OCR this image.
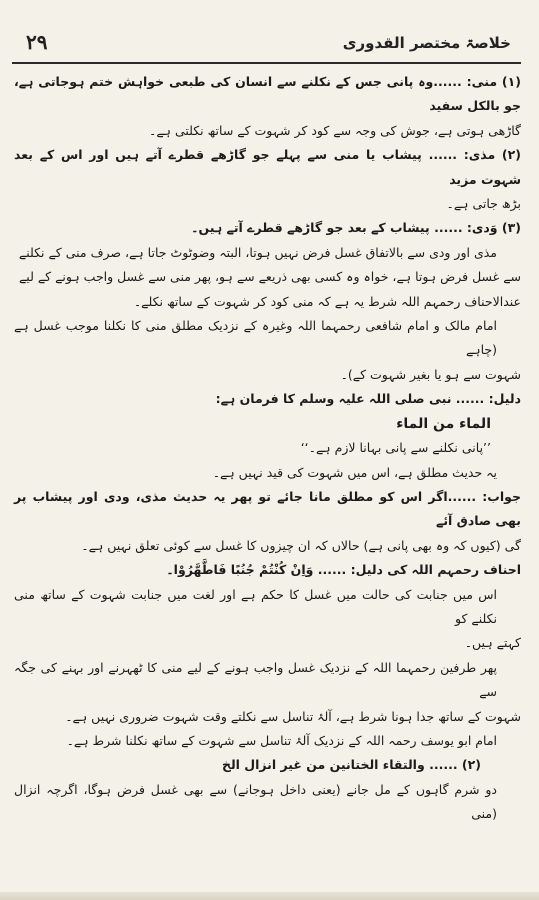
خلاصۃ مختصر القدوری
۲۹

(۱) منی: ......وہ پانی جس کے نکلنے سے انسان کی طبعی خواہش ختم ہوجاتی ہے، جو بالکل سفید

گاڑھی ہوتی ہے، جوش کی وجہ سے کود کر شہوت کے ساتھ نکلتی ہے۔

(۲) مذی: ...... پیشاب یا منی سے پہلے جو گاڑھے قطرے آتے ہیں اور اس کے بعد شہوت مزید

بڑھ جاتی ہے۔

(۳) وَدی: ...... پیشاب کے بعد جو گاڑھے قطرے آتے ہیں۔

مذی اور ودی سے بالاتفاق غسل فرض نہیں ہوتا، البتہ وضوٹوٹ جاتا ہے، صرف منی کے نکلنے

سے غسل فرض ہوتا ہے، خواہ وہ کسی بھی ذریعے سے ہو، پھر منی سے غسل واجب ہونے کے لیے

عندالاحناف رحمہم اللہ شرط یہ ہے کہ منی کود کر شہوت کے ساتھ نکلے۔

امام مالک و امام شافعی رحمہما اللہ وغیرہ کے نزدیک مطلق منی کا نکلنا موجب غسل ہے (چاہے

شہوت سے ہو یا بغیر شہوت کے)۔

دلیل: ...... نبی صلی اللہ علیہ وسلم کا فرمان ہے:

الماء من الماء

’’پانی نکلنے سے پانی بہانا لازم ہے۔‘‘

یہ حدیث مطلق ہے، اس میں شہوت کی قید نہیں ہے۔

جواب: ......اگر اس کو مطلق مانا جائے تو پھر یہ حدیث مذی، ودی اور پیشاب پر بھی صادق آئے

گی (کیوں کہ وہ بھی پانی ہے) حالاں کہ ان چیزوں کا غسل سے کوئی تعلق نہیں ہے۔

احناف رحمہم اللہ کی دلیل: ...... وَاِنْ کُنْتُمْ جُنُبًا فَاطَّهَّرُوْا۔

اس میں جنابت کی حالت میں غسل کا حکم ہے اور لغت میں جنابت شہوت کے ساتھ منی نکلنے کو

کہتے ہیں۔

پھر طرفین رحمہما اللہ کے نزدیک غسل واجب ہونے کے لیے منی کا ٹھہرنے اور بہنے کی جگہ سے

شہوت کے ساتھ جدا ہونا شرط ہے، آلۂ تناسل سے نکلتے وقت شہوت ضروری نہیں ہے۔

امام ابو یوسف رحمہ اللہ کے نزدیک آلۂ تناسل سے شہوت کے ساتھ نکلنا شرط ہے۔

(۲) ...... والتقاء الختانین من غیر انزال الخ

دو شرم گاہوں کے مل جانے (یعنی داخل ہوجانے) سے بھی غسل فرض ہوگا، اگرچہ انزال (منی
